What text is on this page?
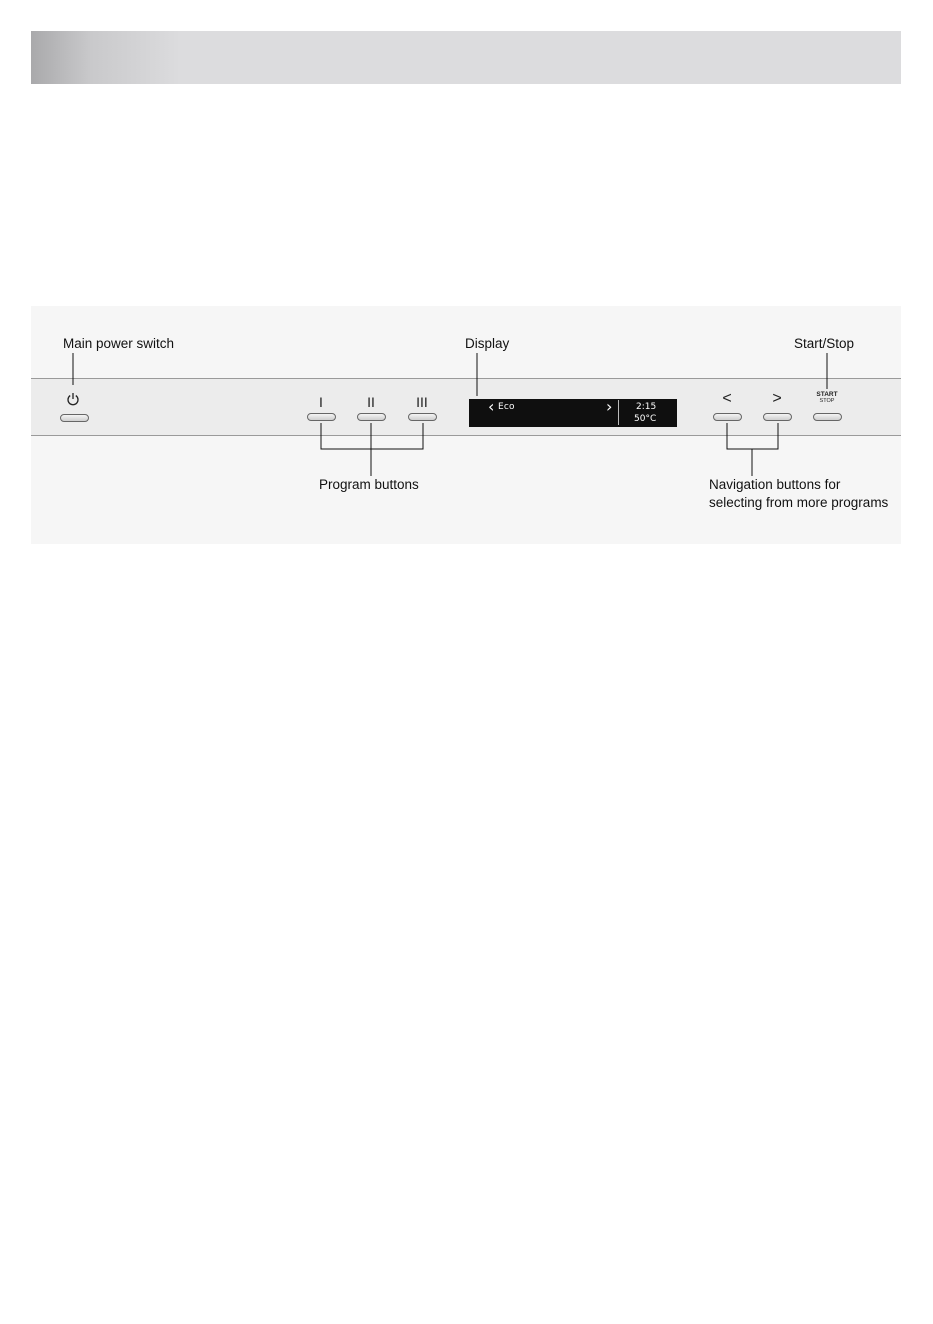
Main power switch	Display	Start/Stop
Program buttons	Navigation buttons for
selecting from more programs
I	II	III	‹ Eco	›	2:15
50°C
<	>	START
STOP
